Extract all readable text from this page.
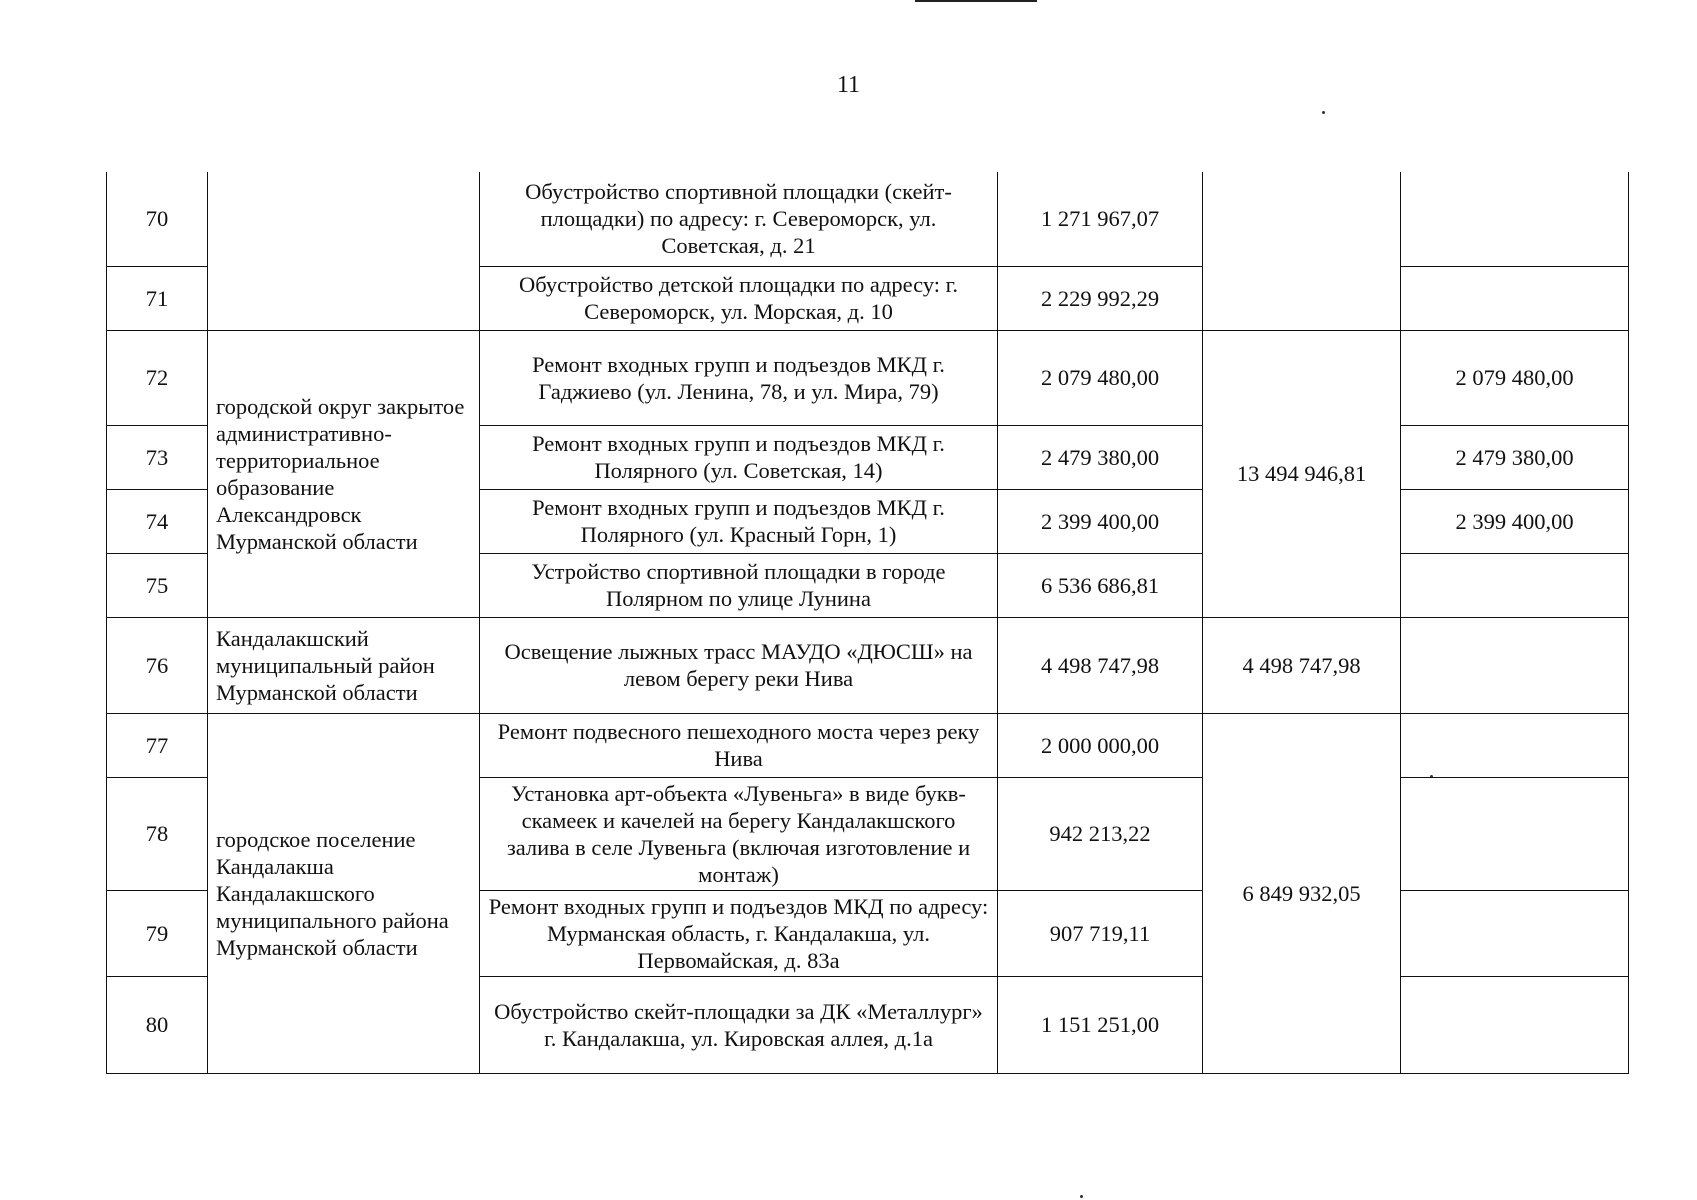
11
70		Обустройство спортивной площадки (скейт-площадки) по адресу: г. Североморск, ул. Советская, д. 21	1 271 967,07		
71		Обустройство детской площадки по адресу: г. Североморск, ул. Морская, д. 10	2 229 992,29		
72	городской округ закрытое административно-территориальное образование Александровск Мурманской области	Ремонт входных групп и подъездов МКД г. Гаджиево (ул. Ленина, 78, и ул. Мира, 79)	2 079 480,00	13 494 946,81	2 079 480,00
73		Ремонт входных групп и подъездов МКД г. Полярного (ул. Советская, 14)	2 479 380,00		2 479 380,00
74		Ремонт входных групп и подъездов МКД г. Полярного (ул. Красный Горн, 1)	2 399 400,00		2 399 400,00
75		Устройство спортивной площадки в городе Полярном по улице Лунина	6 536 686,81		
76	Кандалакшский муниципальный район Мурманской области	Освещение лыжных трасс МАУДО «ДЮСШ» на левом берегу реки Нива	4 498 747,98	4 498 747,98	
77	городское поселение Кандалакша Кандалакшского муниципального района Мурманской области	Ремонт подвесного пешеходного моста через реку Нива	2 000 000,00	6 849 932,05	
78		Установка арт-объекта «Лувеньга» в виде букв-скамеек и качелей на берегу Кандалакшского залива в селе Лувеньга (включая изготовление и монтаж)	942 213,22		
79		Ремонт входных групп и подъездов МКД по адресу: Мурманская область, г. Кандалакша, ул. Первомайская, д. 83а	907 719,11		
80		Обустройство скейт-площадки за ДК «Металлург» г. Кандалакша, ул. Кировская аллея, д.1а	1 151 251,00		
